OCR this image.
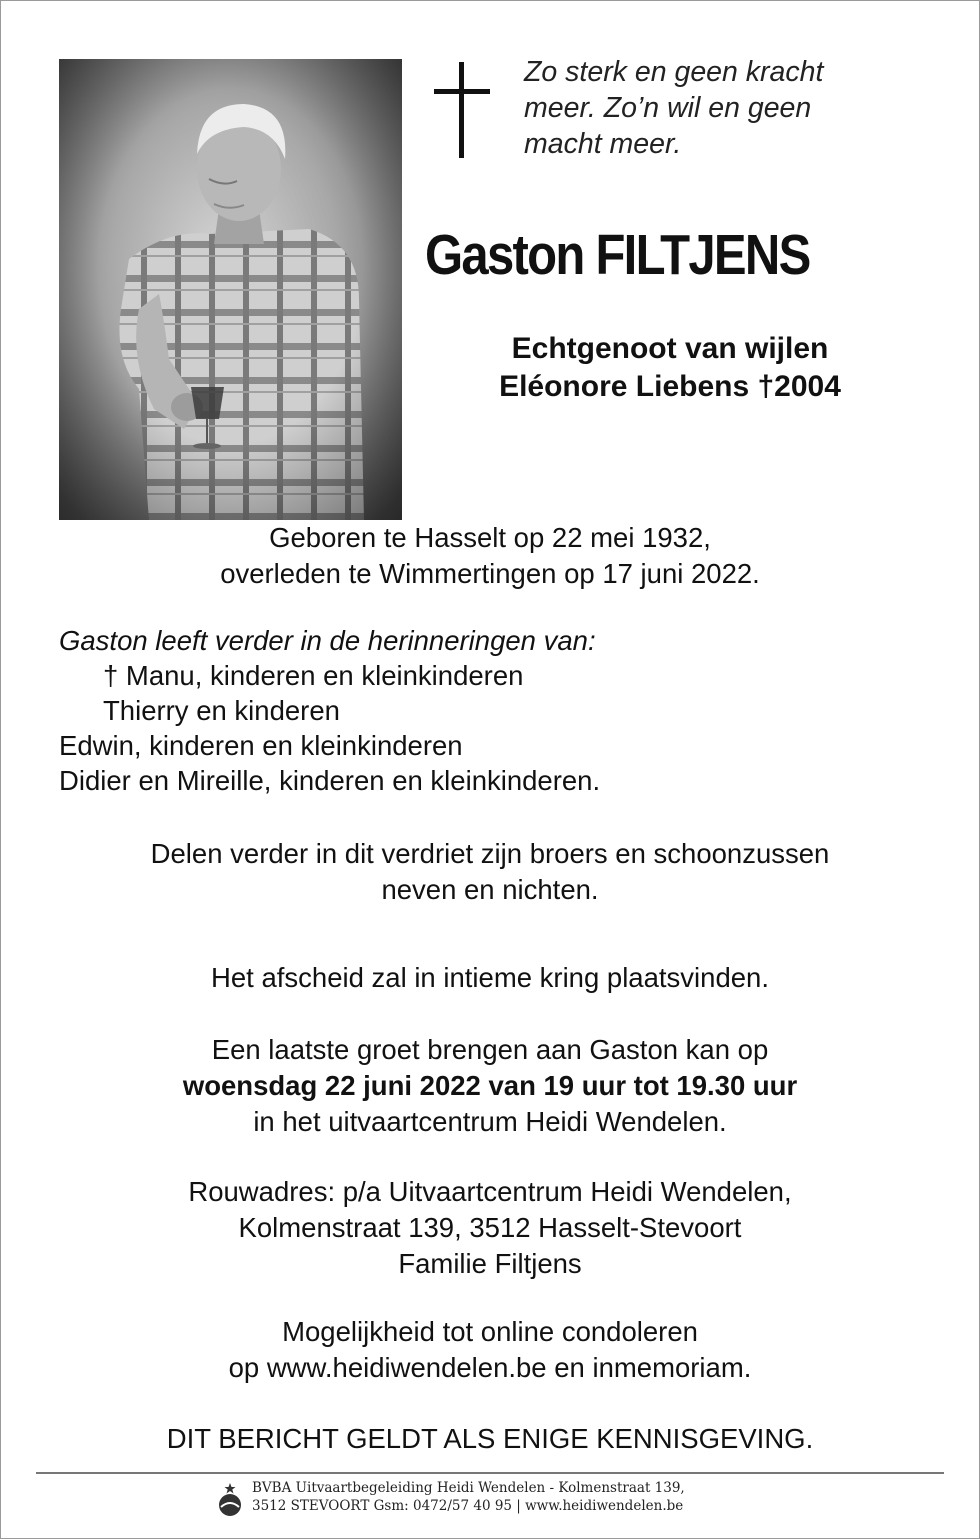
Zo sterk en geen kracht
meer. Zo’n wil en geen
macht meer.
Gaston FILTJENS
Echtgenoot van wijlen
Eléonore Liebens †2004
Geboren te Hasselt op 22 mei 1932,
overleden te Wimmertingen op 17 juni 2022.
Gaston leeft verder in de herinneringen van:
† Manu, kinderen en kleinkinderen
Thierry en kinderen
Edwin, kinderen en kleinkinderen
Didier en Mireille, kinderen en kleinkinderen.
Delen verder in dit verdriet zijn broers en schoonzussen
neven en nichten.
Het afscheid zal in intieme kring plaatsvinden.
Een laatste groet brengen aan Gaston kan op
woensdag 22 juni 2022 van 19 uur tot 19.30 uur
in het uitvaartcentrum Heidi Wendelen.
Rouwadres: p/a Uitvaartcentrum Heidi Wendelen,
Kolmenstraat 139, 3512 Hasselt-Stevoort
Familie Filtjens
Mogelijkheid tot online condoleren
op www.heidiwendelen.be en inmemoriam.
DIT BERICHT GELDT ALS ENIGE KENNISGEVING.
BVBA Uitvaartbegeleiding Heidi Wendelen - Kolmenstraat 139,
3512 STEVOORT Gsm: 0472/57 40 95 | www.heidiwendelen.be
